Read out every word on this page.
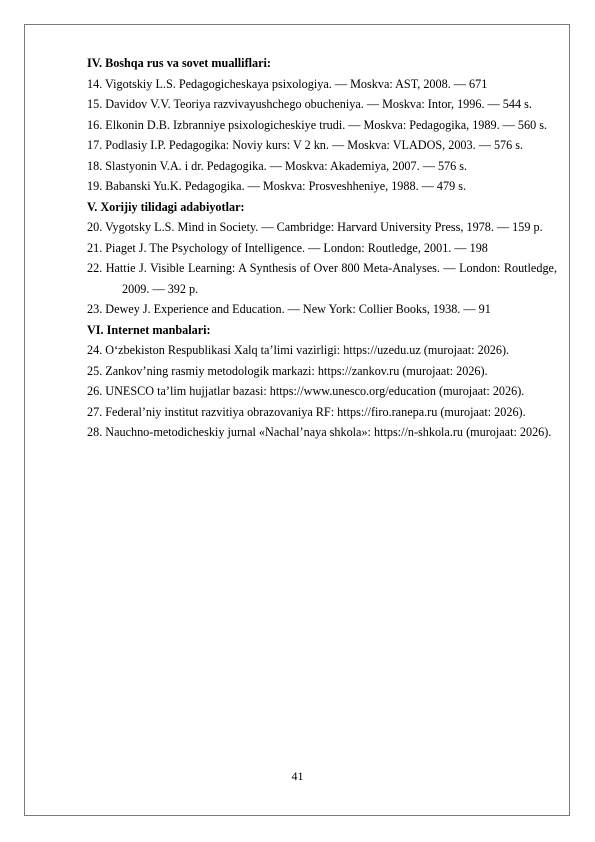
IV. Boshqa rus va sovet mualliflari:

14. Vigotskiy L.S. Pedagogicheskaya psixologiya. — Moskva: AST, 2008. — 671

15. Davidov V.V. Teoriya razvivayushchego obucheniya. — Moskva: Intor, 1996. — 544 s.

16. Elkonin D.B. Izbranniye psixologicheskiye trudi. — Moskva: Pedagogika, 1989. — 560 s.

17. Podlasiy I.P. Pedagogika: Noviy kurs: V 2 kn. — Moskva: VLADOS, 2003. — 576 s.

18. Slastyonin V.A. i dr. Pedagogika. — Moskva: Akademiya, 2007. — 576 s.

19. Babanski Yu.K. Pedagogika. — Moskva: Prosveshheniye, 1988. — 479 s.

V. Xorijiy tilidagi adabiyotlar:

20. Vygotsky L.S. Mind in Society. — Cambridge: Harvard University Press, 1978. — 159 p.

21. Piaget J. The Psychology of Intelligence. — London: Routledge, 2001. — 198

22. Hattie J. Visible Learning: A Synthesis of Over 800 Meta-Analyses. — London: Routledge, 2009. — 392 p.

23. Dewey J. Experience and Education. — New York: Collier Books, 1938. — 91

VI. Internet manbalari:

24. O‘zbekiston Respublikasi Xalq ta’limi vazirligi: https://uzedu.uz (murojaat: 2026).

25. Zankov’ning rasmiy metodologik markazi: https://zankov.ru (murojaat: 2026).

26. UNESCO ta’lim hujjatlar bazasi: https://www.unesco.org/education (murojaat: 2026).

27. Federal’niy institut razvitiya obrazovaniya RF: https://firo.ranepa.ru (murojaat: 2026).

28. Nauchno-metodicheskiy jurnal «Nachal’naya shkola»: https://n-shkola.ru (murojaat: 2026).

41
